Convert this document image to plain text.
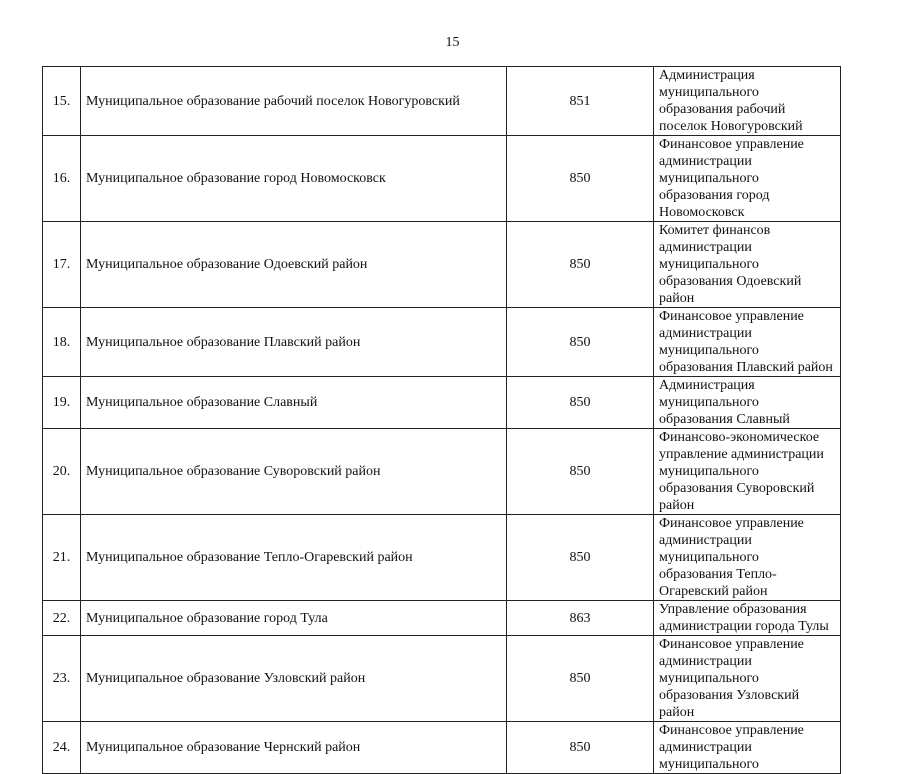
15
15.	Муниципальное образование рабочий поселок Новогуровский	851	Администрация муниципального образования рабочий поселок Новогуровский
16.	Муниципальное образование город Новомосковск	850	Финансовое управление администрации муниципального образования город Новомосковск
17.	Муниципальное образование Одоевский район	850	Комитет финансов администрации муниципального образования Одоевский район
18.	Муниципальное образование Плавский район	850	Финансовое управление администрации муниципального образования Плавский район
19.	Муниципальное образование Славный	850	Администрация муниципального образования Славный
20.	Муниципальное образование Суворовский район	850	Финансово-экономическое управление администрации муниципального образования Суворовский район
21.	Муниципальное образование Тепло-Огаревский район	850	Финансовое управление администрации муниципального образования Тепло-Огаревский район
22.	Муниципальное образование город Тула	863	Управление образования администрации города Тулы
23.	Муниципальное образование Узловский район	850	Финансовое управление администрации муниципального образования Узловский район
24.	Муниципальное образование Чернский район	850	Финансовое управление администрации муниципального
